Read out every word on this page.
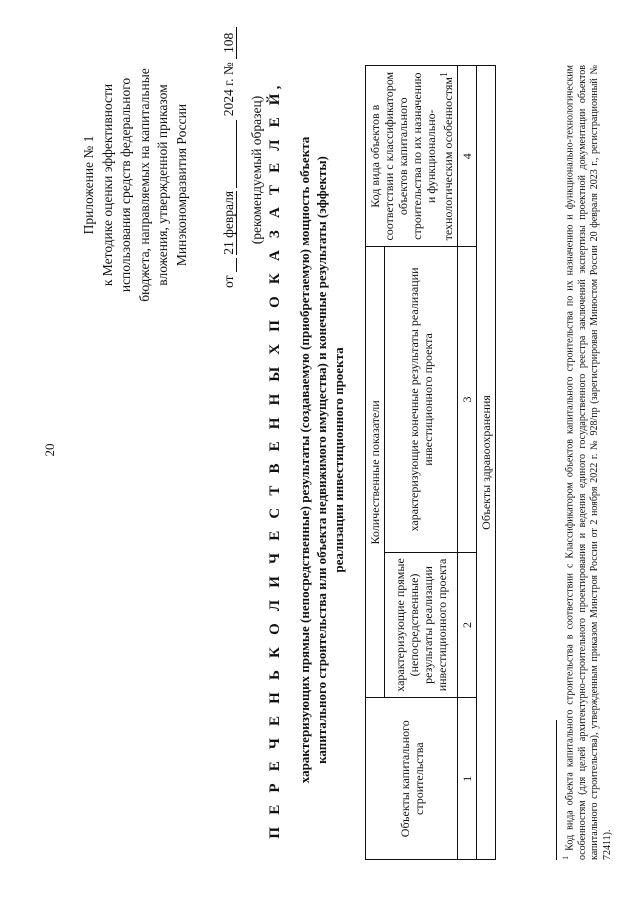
20
Приложение № 1 к Методике оценки эффективности использования средств федерального бюджета, направляемых на капитальные вложения, утвержденной приказом Минэкономразвития России
от   21 февраля   2024 г. № 108
(рекомендуемый образец) П Е Р Е Ч Е Н Ь К О Л И Ч Е С Т В Е Н Н Ы Х П О К А З А Т Е Л Е Й, характеризующих прямые (непосредственные) результаты (создаваемую (приобретаемую) мощность объекта капитального строительства или объекта недвижимого имущества) и конечные результаты (эффекты) реализации инвестиционного проекта
Объекты капитального строительства	Количественные показатели		Код вида объектов в соответствии с классификатором объектов капитального строительства по их назначению и функционально-технологическим особенностям$^1$
	характеризующие прямые (непосредственные) результаты реализации инвестиционного проекта	характеризующие конечные результаты реализации инвестиционного проекта	
1	2	3	4
Объекты здравоохранения			
$^1$ Код вида объекта капитального строительства в соответствии с Классификатором объектов капитального строительства по их назначению и функционально-технологическим особенностям (для целей архитектурно-строительного проектирования и ведения единого государственного реестра заключений экспертизы проектной документации объектов капитального строительства), утвержденным приказом Минстроя России от 2 ноября 2022 г. № 928/пр (зарегистрирован Минюстом России 20 февраля 2023 г., регистрационный № 72411).
